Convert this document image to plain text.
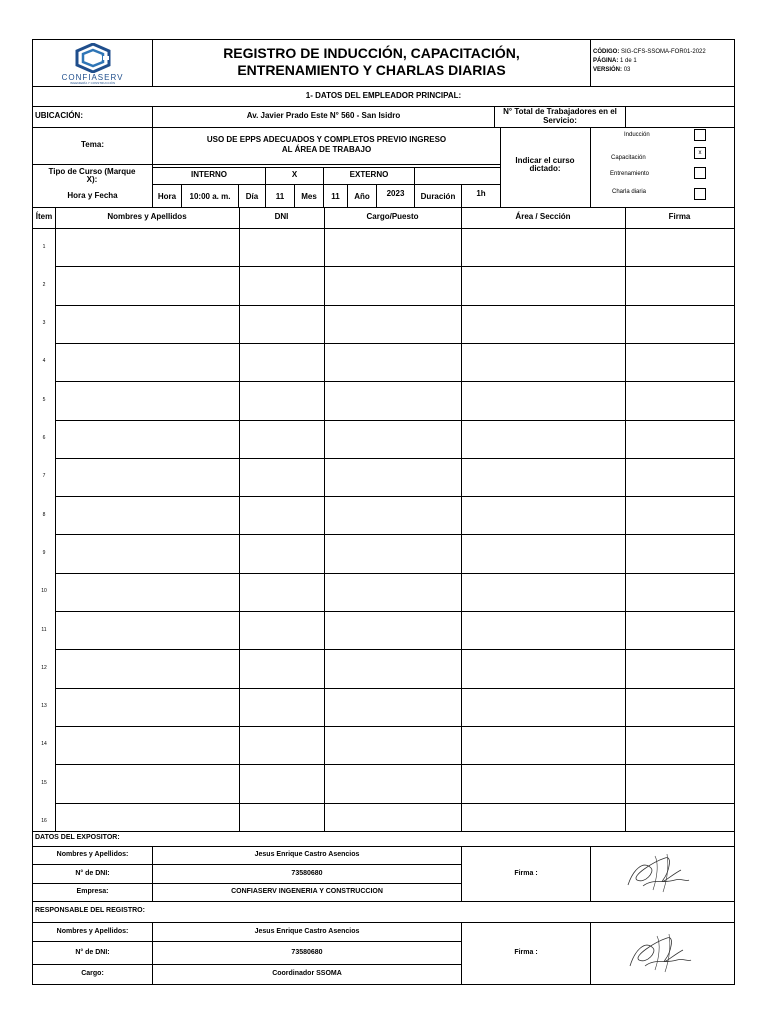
CONFIASERV
INGENIERÍA Y CONSTRUCCIÓN
REGISTRO DE INDUCCIÓN, CAPACITACIÓN,
ENTRENAMIENTO Y CHARLAS DIARIAS
CÓDIGO: SIG-CFS-SSOMA-FOR01-2022
PÁGINA: 1 de 1
VERSIÓN: 03
1- DATOS DEL EMPLEADOR PRINCIPAL:
UBICACIÓN:	Av. Javier Prado Este N° 560 - San Isidro	N° Total de Trabajadores en el Servicio:
Tema:
USO DE EPPS ADECUADOS Y COMPLETOS PREVIO INGRESO
AL ÁREA DE TRABAJO
Indicar el curso dictado:
Inducción
Capacitación
x
Entrenamiento
Charla diaria
Tipo de Curso (Marque X):
INTERNO	X	EXTERNO
Hora y Fecha	Hora	10:00 a. m.	Día	11	Mes	11	Año	2023	Duración	1h
Ítem	Nombres y Apellidos	DNI	Cargo/Puesto	Área / Sección	Firma
1
2
3
4
5
6
7
8
9
10
11
12
13
14
15
16
DATOS DEL EXPOSITOR:
Nombres y Apellidos:	Jesus Enrique Castro Asencios
N° de DNI:	73580680
Empresa:	CONFIASERV INGENERIA Y CONSTRUCCION
Firma :
RESPONSABLE DEL REGISTRO:
Nombres y Apellidos:	Jesus Enrique Castro Asencios
N° de DNI:	73580680
Cargo:	Coordinador SSOMA
Firma :
